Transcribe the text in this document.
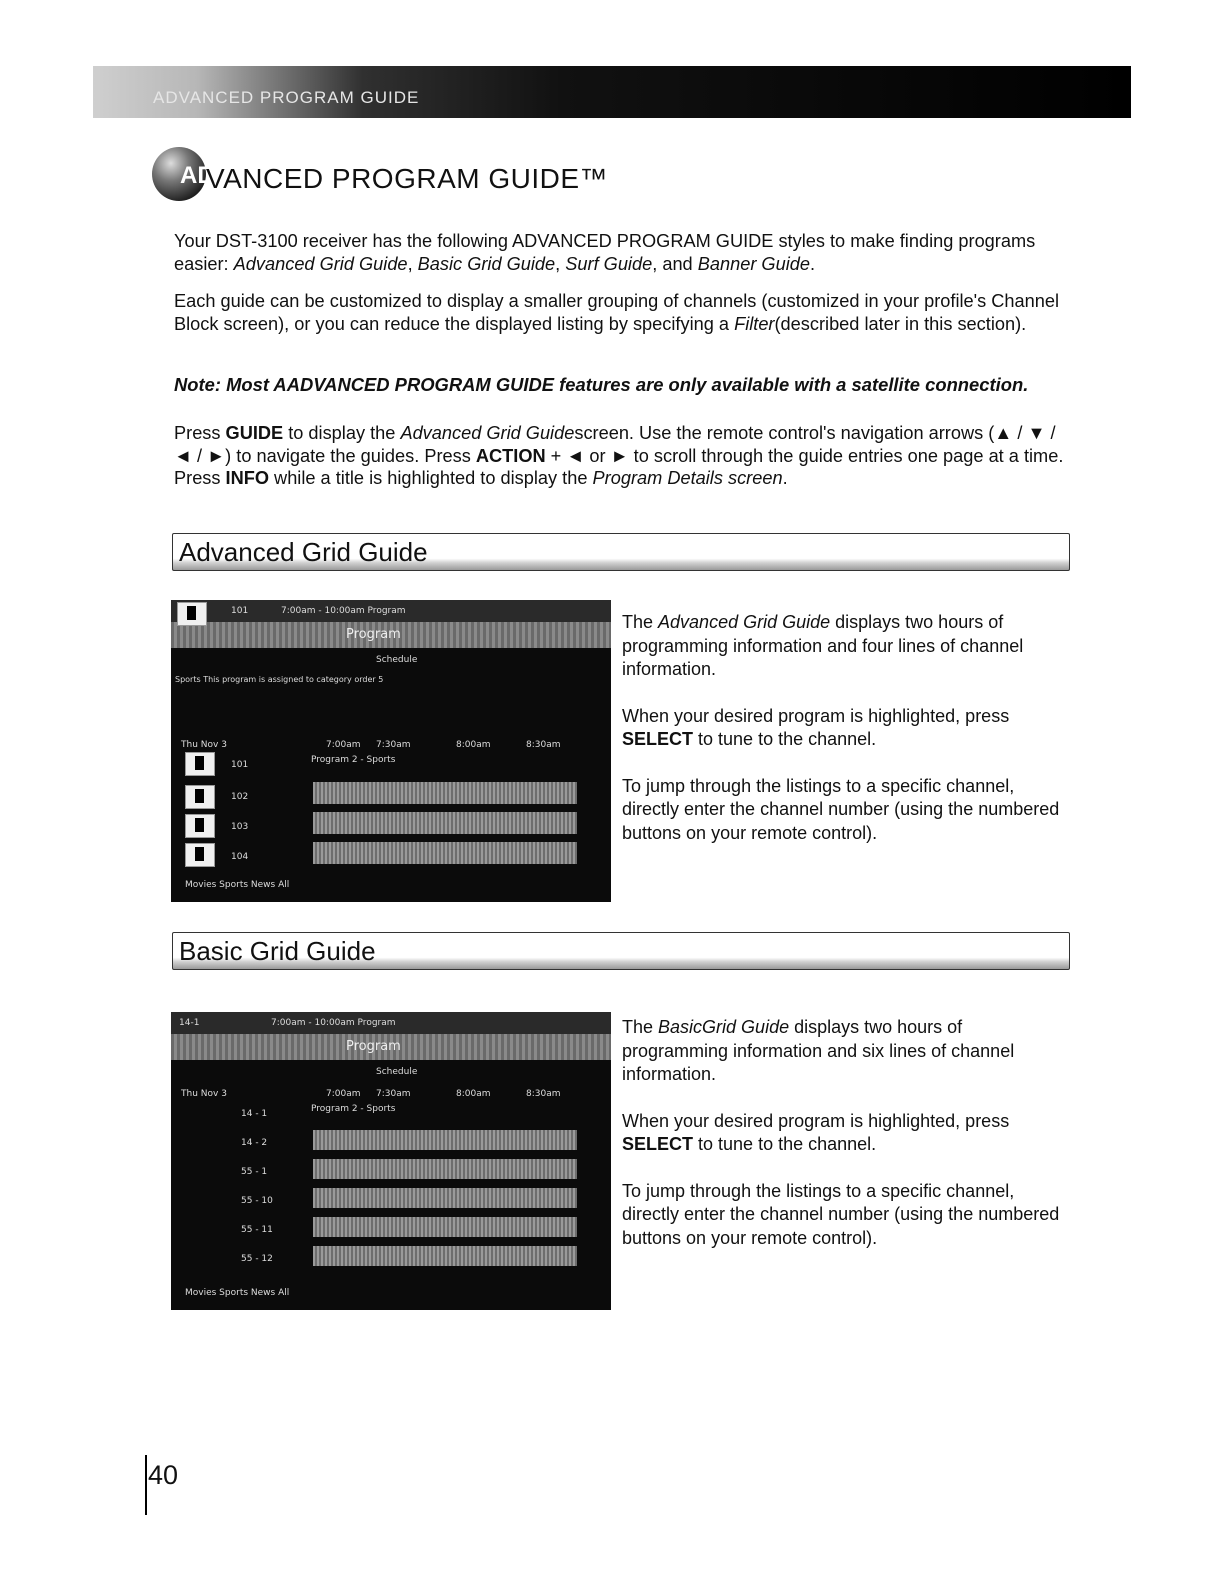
ADVANCED PROGRAM GUIDE
AD
VANCED PROGRAM GUIDE™
Your DST-3100 receiver has the following ADVANCED PROGRAM GUIDE styles to make finding programs easier: Advanced Grid Guide, Basic Grid Guide, Surf Guide, and Banner Guide.
Each guide can be customized to display a smaller grouping of channels (customized in your profile's Channel Block screen), or you can reduce the displayed listing by specifying a Filter(described later in this section).
Note: Most AADVANCED PROGRAM GUIDE features are only available with a satellite connection.
Press GUIDE to display the Advanced Grid Guidescreen. Use the remote control's navigation arrows (▲ / ▼ / ◄ / ►) to navigate the guides. Press ACTION + ◄ or ► to scroll through the guide entries one page at a time. Press INFO while a title is highlighted to display the Program Details screen.
Advanced Grid Guide
101	7:00am - 10:00am Program
Program
Schedule
Sports This program is assigned to category order 5
Thu Nov 3	7:00am 7:30am	8:00am	8:30am
Program 2 - Sports
101
102
103
104
Movies Sports News All

The Advanced Grid Guide displays two hours of programming information and four lines of channel information.

When your desired program is highlighted, press SELECT to tune to the channel.

To jump through the listings to a specific channel, directly enter the channel number (using the numbered buttons on your remote control).

Basic Grid Guide
14-1	7:00am - 10:00am Program
Program
Schedule
Thu Nov 3	7:00am 7:30am	8:00am	8:30am
Program 2 - Sports
14 - 1
14 - 2
55 - 1
55 - 10
55 - 11
55 - 12
Movies Sports News All

The BasicGrid Guide displays two hours of programming information and six lines of channel information.

When your desired program is highlighted, press SELECT to tune to the channel.

To jump through the listings to a specific channel, directly enter the channel number (using the numbered buttons on your remote control).

40
